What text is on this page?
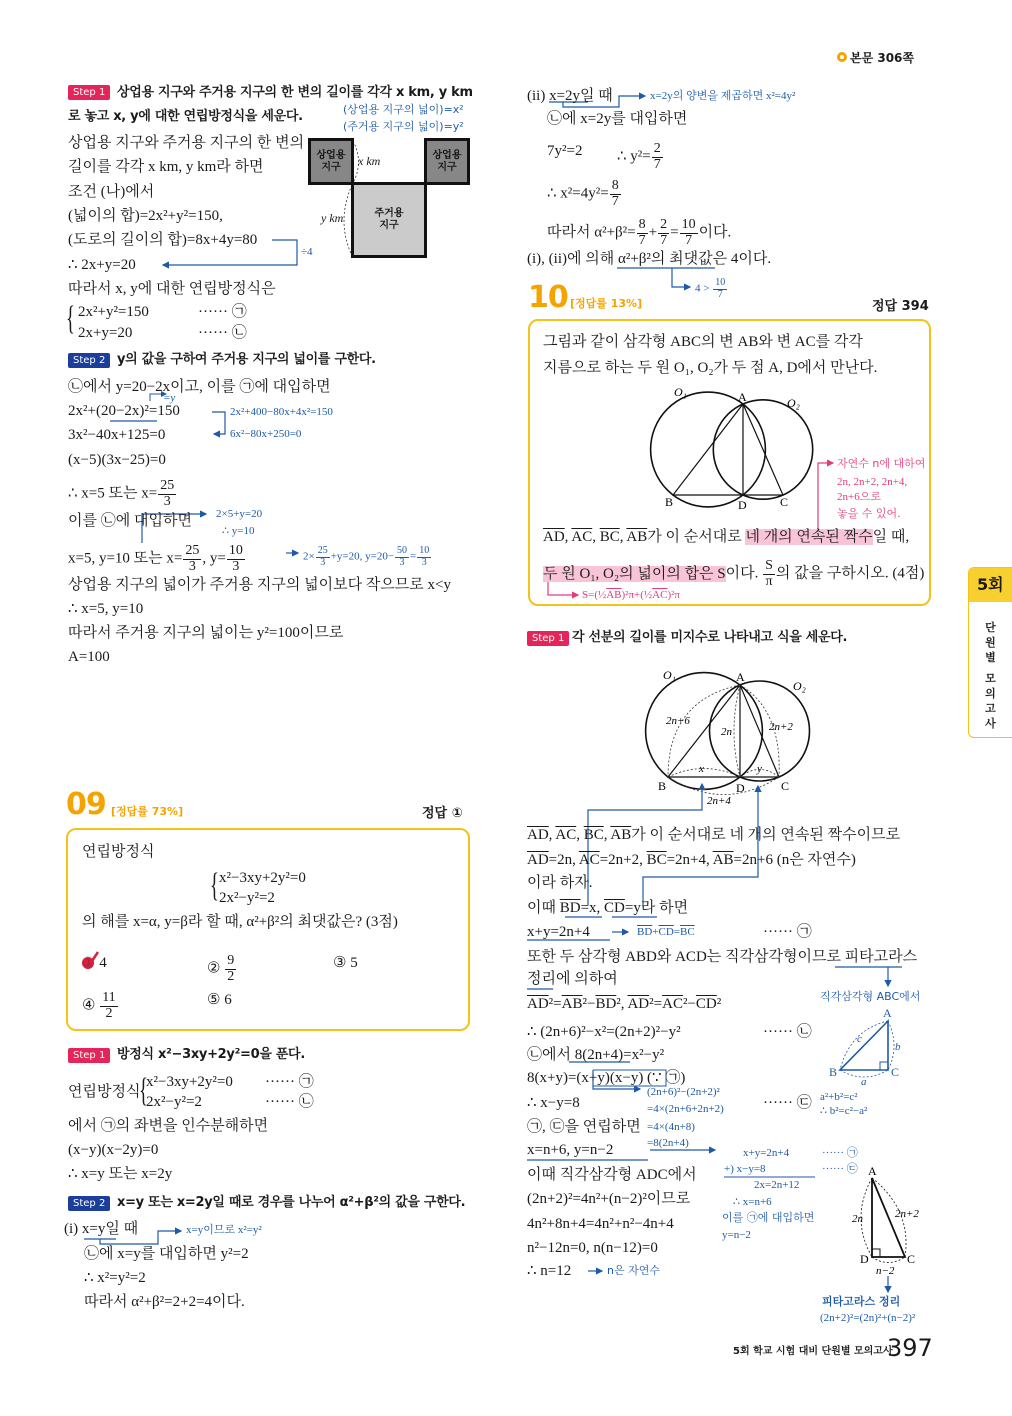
O₁
O₂
A
B	D	C
O₁
O₂
A
B	D	C
2n+6
2n	2n+2
x	y
2n+4
A
B	C
c
b
a
A
D	C
2n	2n+2
n−2
본문 306쪽
Step 1 상업용 지구와 주거용 지구의 한 변의 길이를 각각 x km, y km
로 놓고 x, y에 대한 연립방정식을 세운다.	(상업용 지구의 넓이)=x²
(주거용 지구의 넓이)=y²
상업용
지구
상업용
지구
주거용
지구
x km
y km
상업용 지구와 주거용 지구의 한 변의
길이를 각각 x km, y km라 하면
조건 (나)에서
(넓이의 합)=2x²+y²=150,
(도로의 길이의 합)=8x+4y=80
÷4
∴ 2x+y=20
따라서 x, y에 대한 연립방정식은
{ 2x²+y²=150	······ ㉠
2x+y=20	······ ㉡
Step 2 y의 값을 구하여 주거용 지구의 넓이를 구한다.
㉡에서 y=20−2x이고, 이를 ㉠에 대입하면
=y
2x²+(20−2x)²=150	2x²+400−80x+4x²=150
3x²−40x+125=0	6x²−80x+250=0
(x−5)(3x−25)=0
∴ x=5 또는 $x= \frac{25}{3}$
이를 ㉡에 대입하면 2×5+y=20
∴ y=10
x=5, y=10 또는 $x= \frac{25}{3}$ , $y= \frac{10}{3}$	$2\times \frac{25}{3} +y=20$, $y=20- \frac{50}{3} = \frac{10}{3}$
상업용 지구의 넓이가 주거용 지구의 넓이보다 작으므로 x<y
∴ x=5, y=10
따라서 주거용 지구의 넓이는 y²=100이므로
A=100
09 [정답률 73%]	정답 ①
연립방정식
{ x²−3xy+2y²=0
2x²−y²=2
의 해를 x=α, y=β라 할 때, α²+β²의 최댓값은? (3점)
① 4	② $\frac{9}{2}$	③ 5
④ $\frac{11}{2}$	⑤ 6
Step 1 방정식 x²−3xy+2y²=0을 푼다.
연립방정식
{
x²−3xy+2y²=0 ······ ㉠
2x²−y²=2	······ ㉡
에서 ㉠의 좌변을 인수분해하면
(x−y)(x−2y)=0
∴ x=y 또는 x=2y
Step 2 x=y 또는 x=2y일 때로 경우를 나누어 α²+β²의 값을 구한다.
(i) x=y일 때	x=y이므로 x²=y²
㉡에 x=y를 대입하면 y²=2
∴ x²=y²=2
따라서 α²+β²=2+2=4이다.
(ii) x=2y일 때	x=2y의 양변을 제곱하면 x²=4y²
㉡에 x=2y를 대입하면
7y²=2 ∴ $y^2= \frac{2}{7}$
∴ $x^2=4y^2= \frac{8}{7}$
따라서 $\alpha^2+\beta^2= \frac{8}{7} + \frac{2}{7} = \frac{10}{7}$ 이다.
(i), (ii)에 의해 α²+β²의 최댓값은 4이다.
$4 > \frac{10}{7}$
10 [정답률 13%]	정답 394
그림과 같이 삼각형 ABC의 변 AB와 변 AC를 각각
지름으로 하는 두 원 O₁, O₂가 두 점 A, D에서 만난다.
자연수 n에 대하여
2n, 2n+2, 2n+4,
2n+6으로
놓을 수 있어.
$\overline{AD}$, $\overline{AC}$, $\overline{BC}$, $\overline{AB}$가 이 순서대로 네 개의 연속된 짝수일 때,
두 원 O₁, O₂의 넓이의 합은 S이다. $\frac{S}{\pi}$ 의 값을 구하시오. (4점)
$S=(\frac{1}{2}\overline{AB})^2\pi+(\frac{1}{2}\overline{AC})^2\pi$
Step 1 각 선분의 길이를 미지수로 나타내고 식을 세운다.
$\overline{AD}$, $\overline{AC}$, $\overline{BC}$, $\overline{AB}$가 이 순서대로 네 개의 연속된 짝수이므로
$\overline{AD}=2n$, $\overline{AC}=2n+2$, $\overline{BC}=2n+4$, $\overline{AB}=2n+6$ (n은 자연수)
이라 하자.
이때 $\overline{BD}=x$, $\overline{CD}=y$라 하면
x+y=2n+4	$\overline{BD}+\overline{CD}=\overline{BC}$	······ ㉠
또한 두 삼각형 ABD와 ACD는 직각삼각형이므로 피타고라스
정리에 의하여
직각삼각형 ABC에서
$\overline{AD}^2=\overline{AB}^2-\overline{BD}^2$, $\overline{AD}^2=\overline{AC}^2-\overline{CD}^2$
∴ (2n+6)²−x²=(2n+2)²−y²	······ ㉡
㉡에서 8(2n+4)=x²−y²
8(x+y)=(x+y)(x−y) (∵ ㉠)
∴ x−y=8	······ ㉢
(2n+6)²−(2n+2)²
=4×(2n+6+2n+2)
=4×(4n+8)
=8(2n+4)
a²+b²=c²
∴ b²=c²−a²
㉠, ㉢을 연립하면
x=n+6, y=n−2	x+y=2n+4	······ ㉠
+) x−y=8	······ ㉢
2x=2n+12
∴ x=n+6
이를 ㉠에 대입하면
y=n−2
이때 직각삼각형 ADC에서
(2n+2)²=4n²+(n−2)²이므로
4n²+8n+4=4n²+n²−4n+4
n²−12n=0, n(n−12)=0
∴ n=12	n은 자연수
피타고라스 정리
(2n+2)²=(2n)²+(n−2)²
5회 학교 시험 대비 단원별 모의고사
397
5회
단
원
별
모
의
고
사
